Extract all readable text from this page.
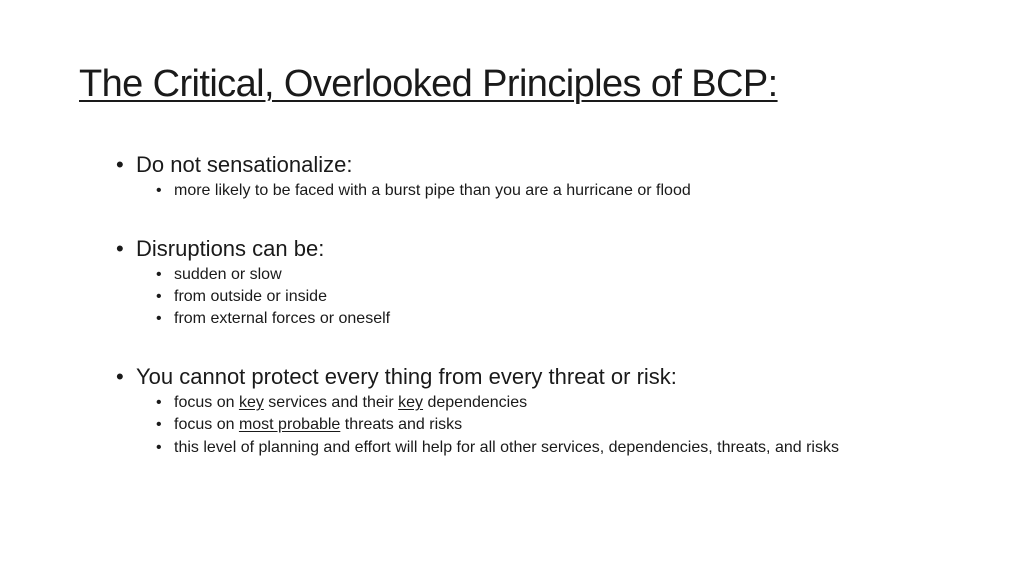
The Critical, Overlooked Principles of BCP:
• Do not sensationalize:
• more likely to be faced with a burst pipe than you are a hurricane or flood
• Disruptions can be:
• sudden or slow
• from outside or inside
• from external forces or oneself
• You cannot protect every thing from every threat or risk:
• focus on key services and their key dependencies
• focus on most probable threats and risks
• this level of planning and effort will help for all other services, dependencies, threats, and risks
